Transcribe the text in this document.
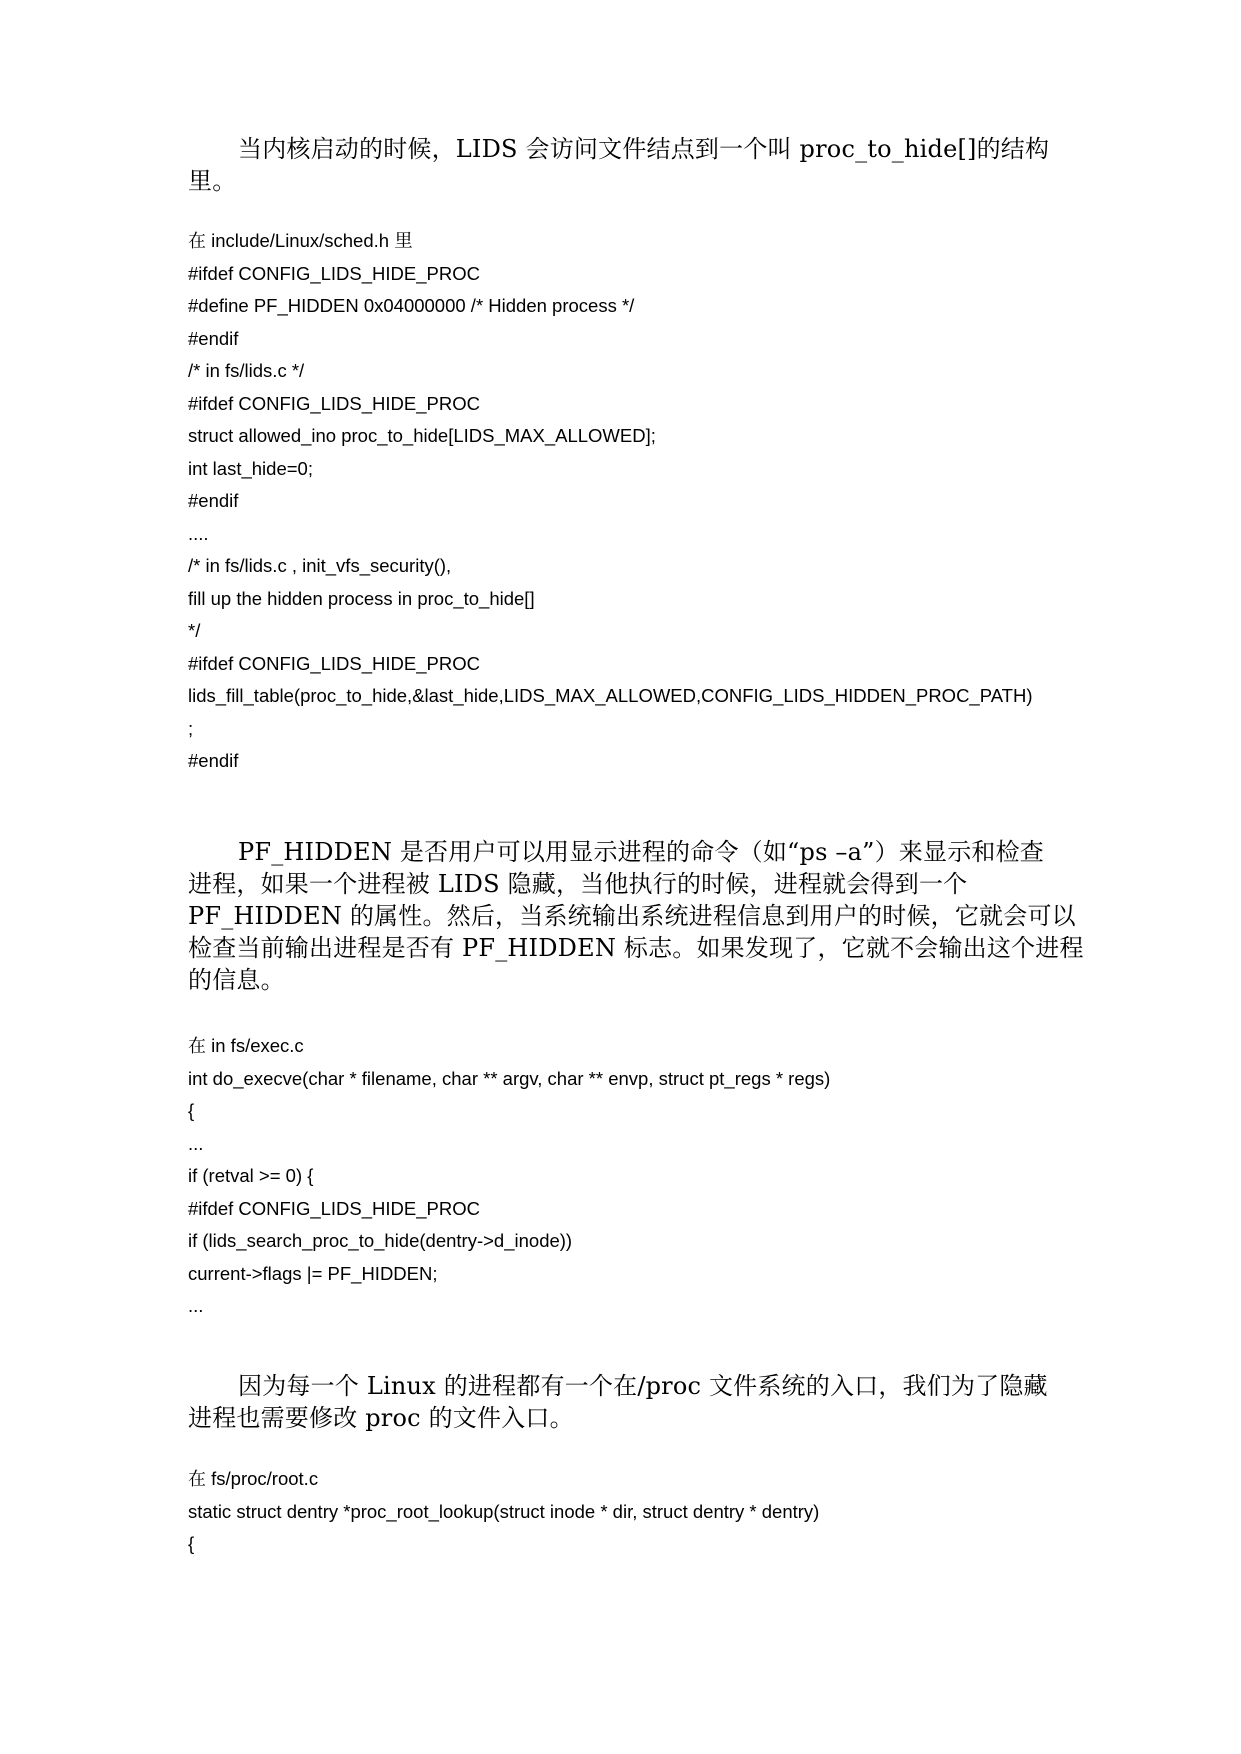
当内核启动的时候，LIDS 会访问文件结点到一个叫 proc_to_hide[]的结构
里。
在 include/Linux/sched.h 里
#ifdef CONFIG_LIDS_HIDE_PROC
#define PF_HIDDEN 0x04000000 /* Hidden process */
#endif
/* in fs/lids.c */
#ifdef CONFIG_LIDS_HIDE_PROC
struct allowed_ino proc_to_hide[LIDS_MAX_ALLOWED];
int last_hide=0;
#endif
....
/* in fs/lids.c , init_vfs_security(),
fill up the hidden process in proc_to_hide[]
*/
#ifdef CONFIG_LIDS_HIDE_PROC
lids_fill_table(proc_to_hide,&last_hide,LIDS_MAX_ALLOWED,CONFIG_LIDS_HIDDEN_PROC_PATH)
;
#endif
PF_HIDDEN 是否用户可以用显示进程的命令（如“ps –a”）来显示和检查
进程，如果一个进程被 LIDS 隐藏，当他执行的时候，进程就会得到一个
PF_HIDDEN 的属性。然后，当系统输出系统进程信息到用户的时候，它就会可以
检查当前输出进程是否有 PF_HIDDEN 标志。如果发现了，它就不会输出这个进程
的信息。
在 in fs/exec.c
int do_execve(char * filename, char ** argv, char ** envp, struct pt_regs * regs)
{
...
if (retval >= 0) {
#ifdef CONFIG_LIDS_HIDE_PROC
if (lids_search_proc_to_hide(dentry->d_inode))
current->flags |= PF_HIDDEN;
...
因为每一个 Linux 的进程都有一个在/proc 文件系统的入口，我们为了隐藏
进程也需要修改 proc 的文件入口。
在 fs/proc/root.c
static struct dentry *proc_root_lookup(struct inode * dir, struct dentry * dentry)
{
